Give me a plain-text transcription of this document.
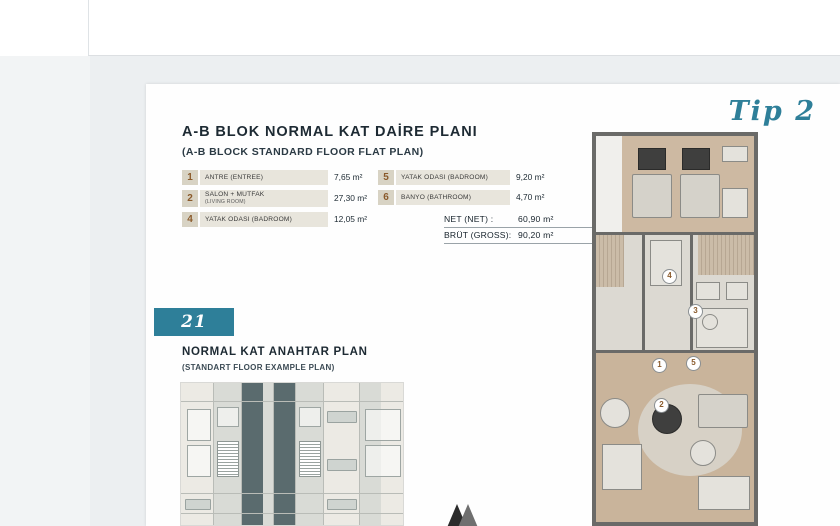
Tip 2
A-B BLOK NORMAL KAT DAİRE PLANI
(A-B BLOCK STANDARD FLOOR FLAT PLAN)
1	ANTRE (ENTREE)	7,65 m²
2	SALON + MUTFAK
(LIVING ROOM)	27,30 m²
4	YATAK ODASI (BADROOM)	12,05 m²
5	YATAK ODASI (BADROOM)	9,20 m²
6	BANYO (BATHROOM)	4,70 m²
NET (NET) :	60,90 m²
BRÜT (GROSS): 90,20 m²
21
NORMAL KAT ANAHTAR PLAN
(STANDART FLOOR EXAMPLE PLAN)
4
3
1	5
2
